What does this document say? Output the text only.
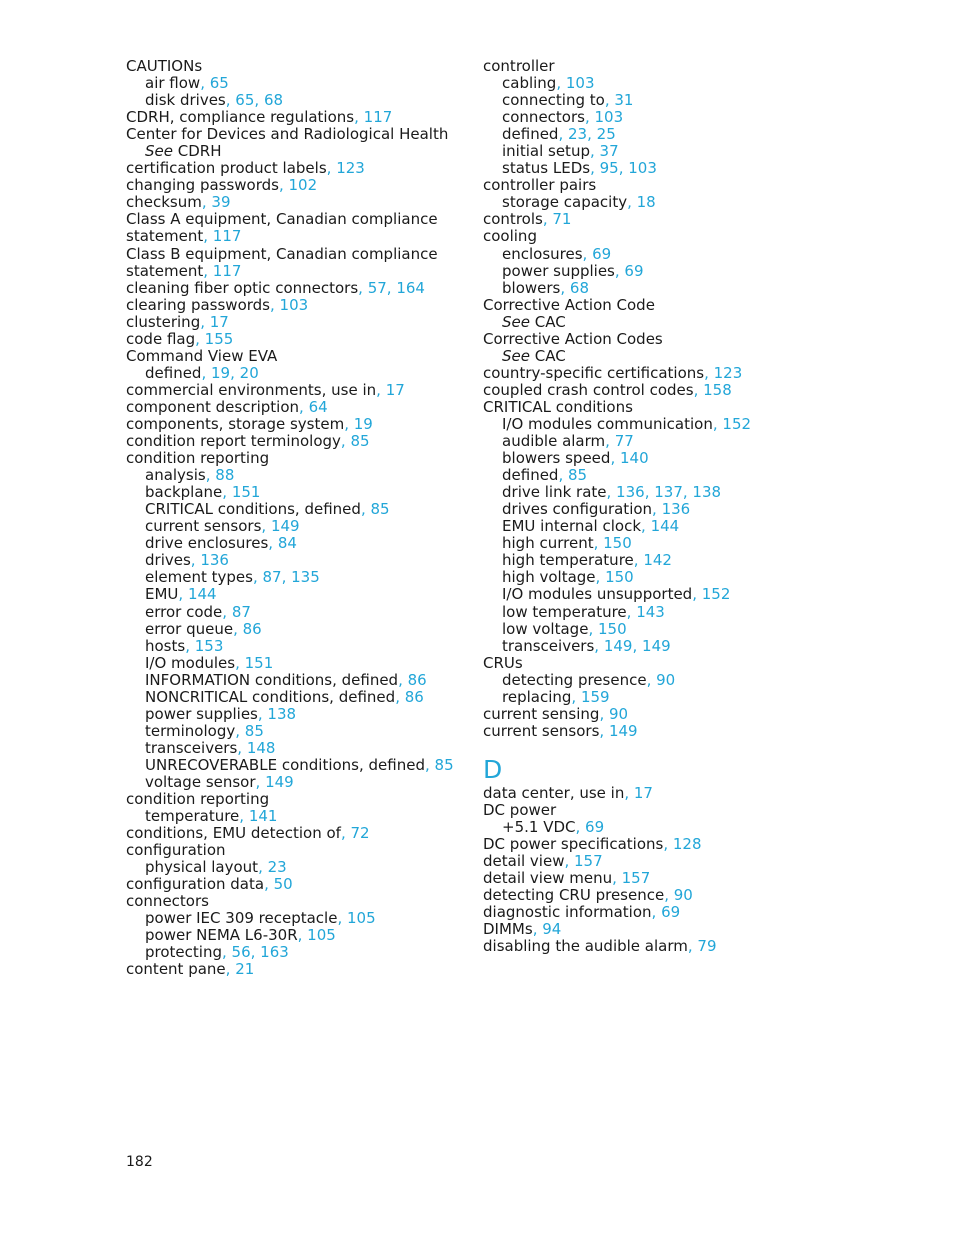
CAUTIONs
air flow, 65
disk drives, 65, 68
CDRH, compliance regulations, 117
Center for Devices and Radiological Health
See CDRH
certification product labels, 123
changing passwords, 102
checksum, 39
Class A equipment, Canadian compliance
statement, 117
Class B equipment, Canadian compliance
statement, 117
cleaning fiber optic connectors, 57, 164
clearing passwords, 103
clustering, 17
code flag, 155
Command View EVA
defined, 19, 20
commercial environments, use in, 17
component description, 64
components, storage system, 19
condition report terminology, 85
condition reporting
analysis, 88
backplane, 151
CRITICAL conditions, defined, 85
current sensors, 149
drive enclosures, 84
drives, 136
element types, 87, 135
EMU, 144
error code, 87
error queue, 86
hosts, 153
I/O modules, 151
INFORMATION conditions, defined, 86
NONCRITICAL conditions, defined, 86
power supplies, 138
terminology, 85
transceivers, 148
UNRECOVERABLE conditions, defined, 85
voltage sensor, 149
condition reporting
temperature, 141
conditions, EMU detection of, 72
configuration
physical layout, 23
configuration data, 50
connectors
power IEC 309 receptacle, 105
power NEMA L6-30R, 105
protecting, 56, 163
content pane, 21
controller
cabling, 103
connecting to, 31
connectors, 103
defined, 23, 25
initial setup, 37
status LEDs, 95, 103
controller pairs
storage capacity, 18
controls, 71
cooling
enclosures, 69
power supplies, 69
blowers, 68
Corrective Action Code
See CAC
Corrective Action Codes
See CAC
country-specific certifications, 123
coupled crash control codes, 158
CRITICAL conditions
I/O modules communication, 152
audible alarm, 77
blowers speed, 140
defined, 85
drive link rate, 136, 137, 138
drives configuration, 136
EMU internal clock, 144
high current, 150
high temperature, 142
high voltage, 150
I/O modules unsupported, 152
low temperature, 143
low voltage, 150
transceivers, 149, 149
CRUs
detecting presence, 90
replacing, 159
current sensing, 90
current sensors, 149
D
data center, use in, 17
DC power
+5.1 VDC, 69
DC power specifications, 128
detail view, 157
detail view menu, 157
detecting CRU presence, 90
diagnostic information, 69
DIMMs, 94
disabling the audible alarm, 79
182
